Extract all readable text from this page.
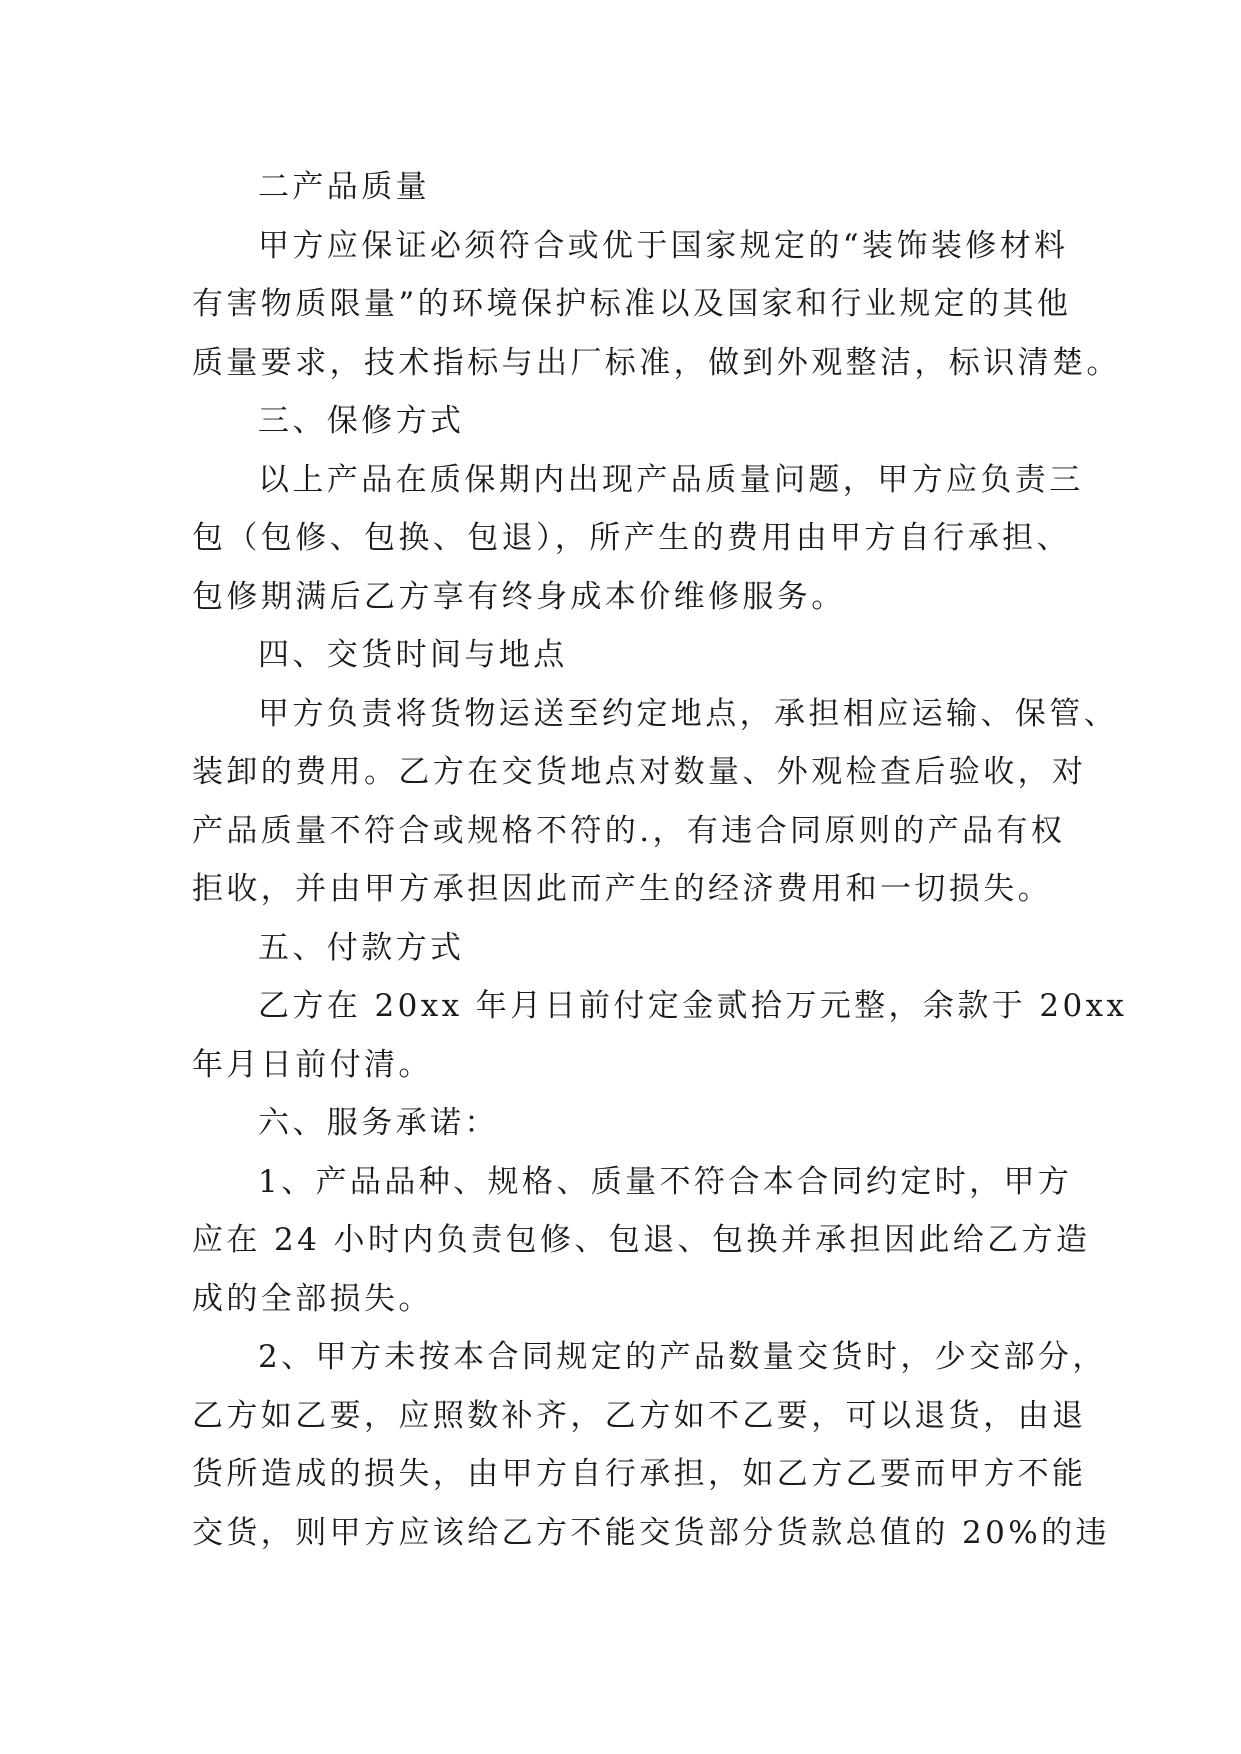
二产品质量
甲方应保证必须符合或优于国家规定的“装饰装修材料
有害物质限量”的环境保护标准以及国家和行业规定的其他
质量要求，技术指标与出厂标准，做到外观整洁，标识清楚。
三、保修方式
以上产品在质保期内出现产品质量问题，甲方应负责三
包（包修、包换、包退），所产生的费用由甲方自行承担、
包修期满后乙方享有终身成本价维修服务。
四、交货时间与地点
甲方负责将货物运送至约定地点，承担相应运输、保管、
装卸的费用。乙方在交货地点对数量、外观检查后验收，对
产品质量不符合或规格不符的.，有违合同原则的产品有权
拒收，并由甲方承担因此而产生的经济费用和一切损失。
五、付款方式
乙方在 20xx 年月日前付定金贰拾万元整，余款于 20xx
年月日前付清。
六、服务承诺：
1、产品品种、规格、质量不符合本合同约定时，甲方
应在 24 小时内负责包修、包退、包换并承担因此给乙方造
成的全部损失。
2、甲方未按本合同规定的产品数量交货时，少交部分，
乙方如乙要，应照数补齐，乙方如不乙要，可以退货，由退
货所造成的损失，由甲方自行承担，如乙方乙要而甲方不能
交货，则甲方应该给乙方不能交货部分货款总值的 20%的违
